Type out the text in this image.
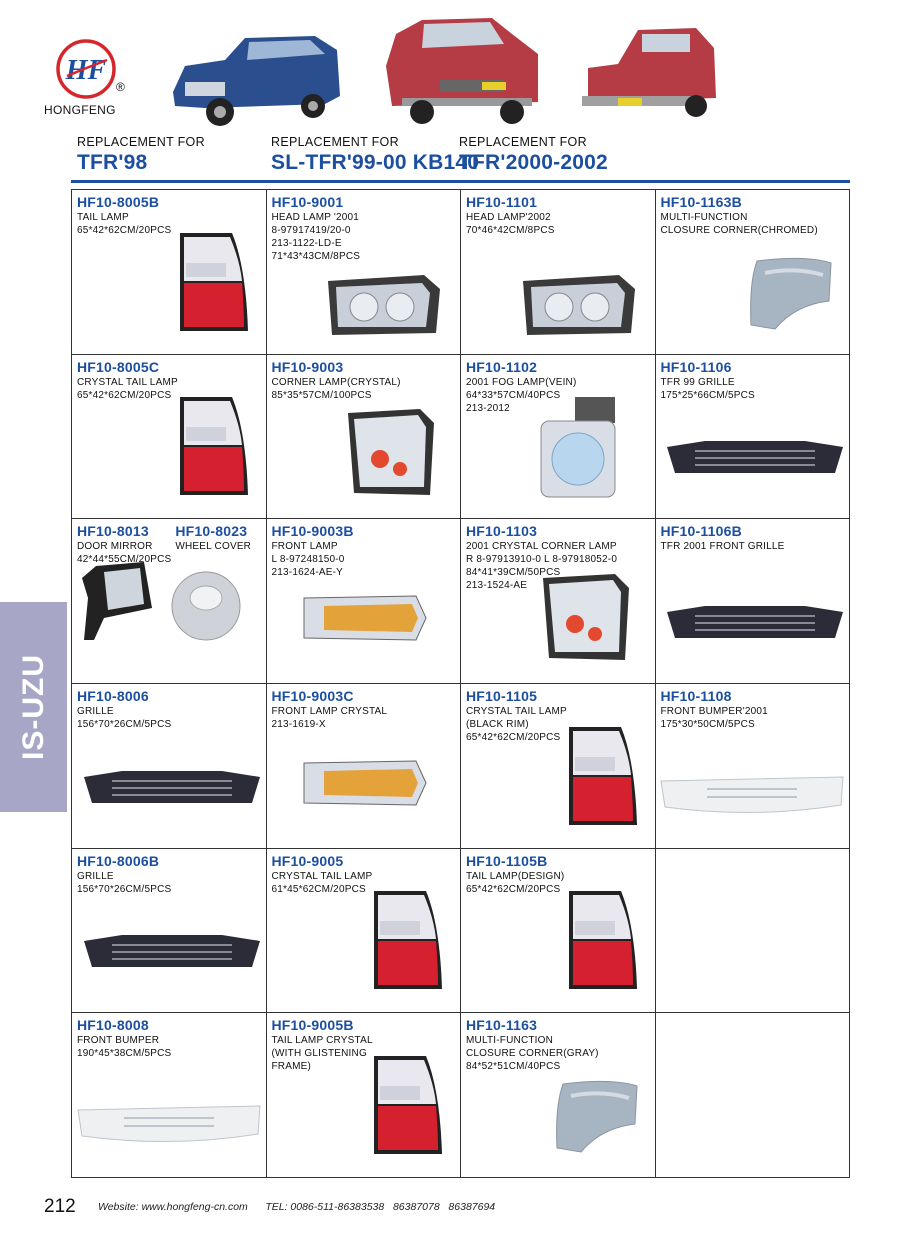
HF
®
HONGFENG
REPLACEMENT FOR
TFR'98
REPLACEMENT FOR
SL-TFR'99-00 KB140
REPLACEMENT FOR
TFR'2000-2002
IS-UZU
HF10-8005B
TAIL LAMP
65*42*62CM/20PCS
HF10-9001
HEAD LAMP '2001
8-97917419/20-0
213-1122-LD-E
71*43*43CM/8PCS
HF10-1101
HEAD LAMP'2002
70*46*42CM/8PCS
HF10-1163B
MULTI-FUNCTION
CLOSURE CORNER(CHROMED)
HF10-8005C
CRYSTAL TAIL LAMP
65*42*62CM/20PCS
HF10-9003
CORNER LAMP(CRYSTAL)
85*35*57CM/100PCS
HF10-1102
2001 FOG LAMP(VEIN)
64*33*57CM/40PCS
213-2012
HF10-1106
TFR 99 GRILLE
175*25*66CM/5PCS
HF10-8013
DOOR MIRROR
42*44*55CM/20PCS
HF10-8023
WHEEL COVER
HF10-9003B
FRONT LAMP
L 8-97248150-0
213-1624-AE-Y
HF10-1103
2001 CRYSTAL CORNER LAMP
R 8-97913910-0 L 8-97918052-0
84*41*39CM/50PCS
213-1524-AE
HF10-1106B
TFR 2001 FRONT GRILLE
HF10-8006
GRILLE
156*70*26CM/5PCS
HF10-9003C
FRONT LAMP CRYSTAL
213-1619-X
HF10-1105
CRYSTAL TAIL LAMP
(BLACK RIM)
65*42*62CM/20PCS
HF10-1108
FRONT BUMPER'2001
175*30*50CM/5PCS
HF10-8006B
GRILLE
156*70*26CM/5PCS
HF10-9005
CRYSTAL TAIL LAMP
61*45*62CM/20PCS
HF10-1105B
TAIL LAMP(DESIGN)
65*42*62CM/20PCS
HF10-8008
FRONT BUMPER
190*45*38CM/5PCS
HF10-9005B
TAIL LAMP CRYSTAL
(WITH GLISTENING
FRAME)
HF10-1163
MULTI-FUNCTION
CLOSURE CORNER(GRAY)
84*52*51CM/40PCS
212 Website: www.hongfeng-cn.com TEL: 0086-511-86383538   86387078   86387694
